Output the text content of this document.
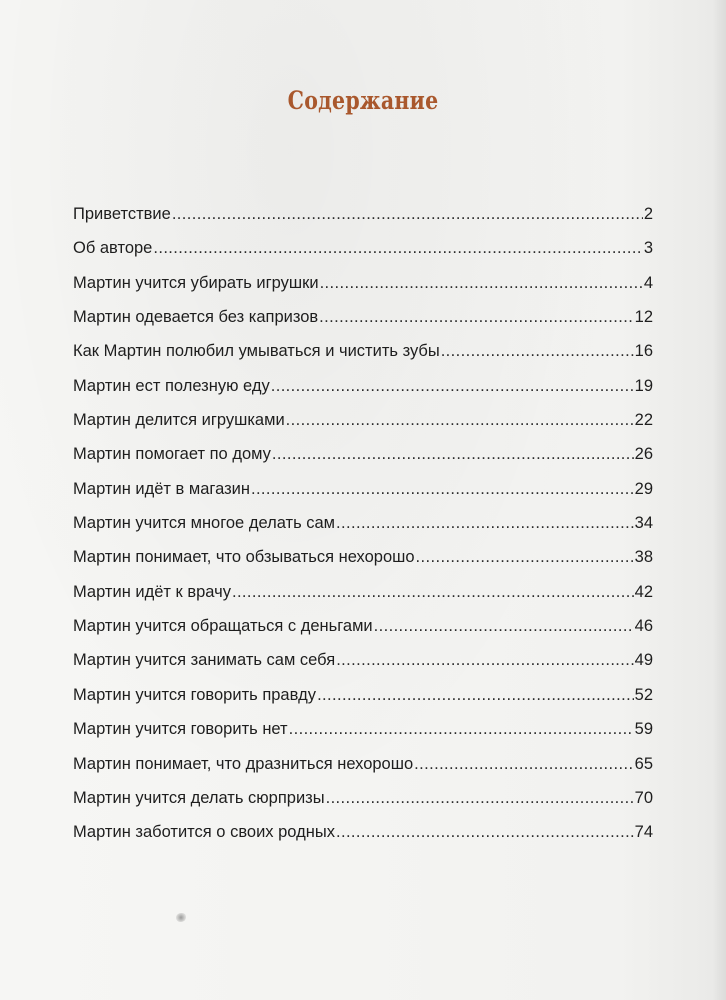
Содержание
Приветствие .....	2
Об авторе .....	3
Мартин учится убирать игрушки .....	4
Мартин одевается без капризов .....	12
Как Мартин полюбил умываться и чистить зубы .....	16
Мартин ест полезную еду .....	19
Мартин делится игрушками .....	22
Мартин помогает по дому .....	26
Мартин идёт в магазин .....	29
Мартин учится многое делать сам .....	34
Мартин понимает, что обзываться нехорошо .....	38
Мартин идёт к врачу .....	42
Мартин учится обращаться с деньгами .....	46
Мартин учится занимать сам себя .....	49
Мартин учится говорить правду .....	52
Мартин учится говорить нет .....	59
Мартин понимает, что дразниться нехорошо .....	65
Мартин учится делать сюрпризы .....	70
Мартин заботится о своих родных .....	74
